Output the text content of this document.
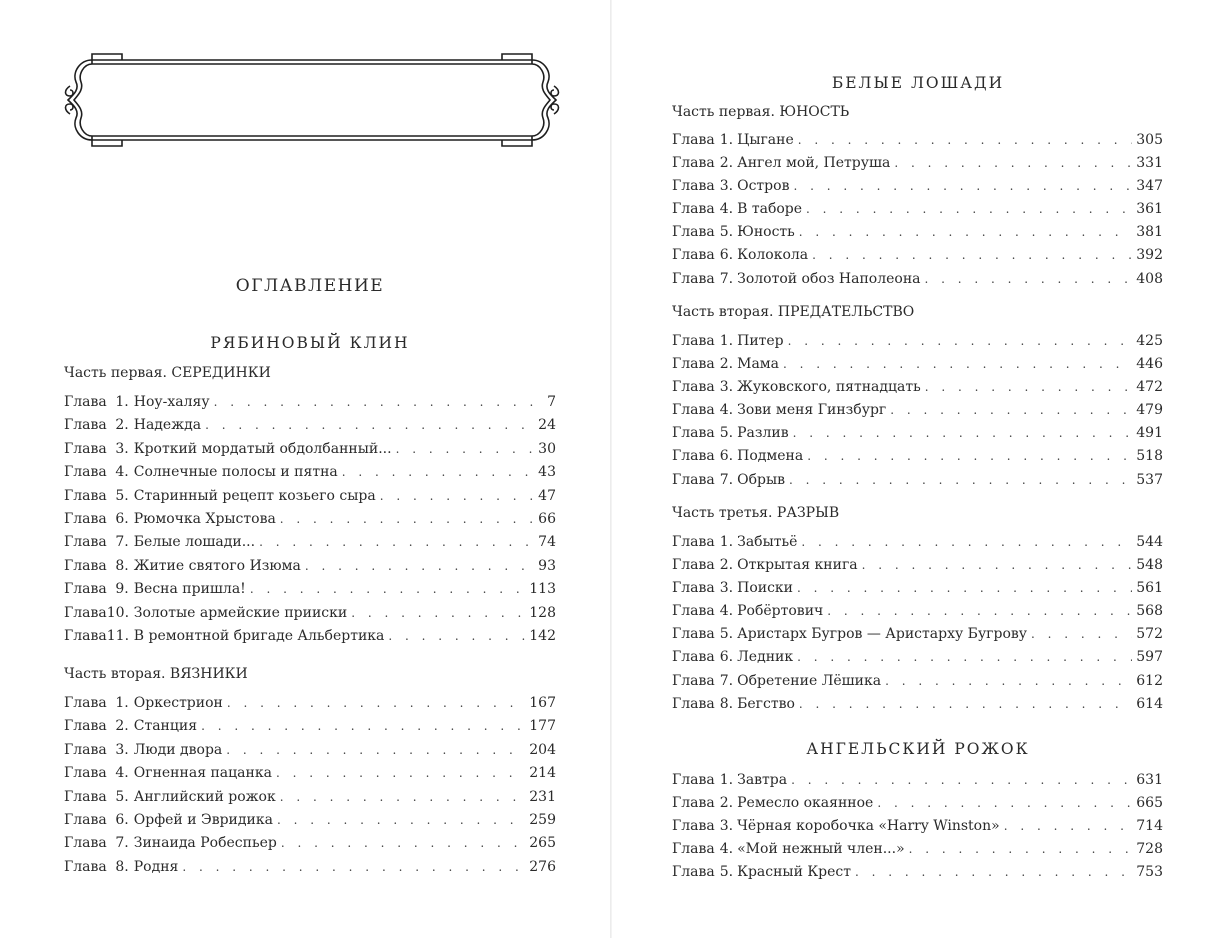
ОГЛАВЛЕНИЕ
РЯБИНОВЫЙ КЛИН
Часть первая. СЕРЕДИНКИ
Глава 1. Ноу-халяу . . .	7
Глава 2. Надежда . . .	24
Глава 3. Кроткий мордатый обдолбанный... . . .	30
Глава 4. Солнечные полосы и пятна . . .	43
Глава 5. Старинный рецепт козьего сыра . . .	47
Глава 6. Рюмочка Хрыстова . . .	66
Глава 7. Белые лошади... . . .	74
Глава 8. Житие святого Изюма . . .	93
Глава 9. Весна пришла! . . .	113
Глава 10. Золотые армейские прииски . . .	128
Глава 11. В ремонтной бригаде Альбертика . . .	142
Часть вторая. ВЯЗНИКИ
Глава 1. Оркестрион . . .	167
Глава 2. Станция . . .	177
Глава 3. Люди двора . . .	204
Глава 4. Огненная пацанка . . .	214
Глава 5. Английский рожок . . .	231
Глава 6. Орфей и Эвридика . . .	259
Глава 7. Зинаида Робеспьер . . .	265
Глава 8. Родня . . .	276
БЕЛЫЕ ЛОШАДИ
Часть первая. ЮНОСТЬ
Глава 1. Цыгане . . .	305
Глава 2. Ангел мой, Петруша . . .	331
Глава 3. Остров . . .	347
Глава 4. В таборе . . .	361
Глава 5. Юность . . .	381
Глава 6. Колокола . . .	392
Глава 7. Золотой обоз Наполеона . . .	408
Часть вторая. ПРЕДАТЕЛЬСТВО
Глава 1. Питер . . .	425
Глава 2. Мама . . .	446
Глава 3. Жуковского, пятнадцать . . .	472
Глава 4. Зови меня Гинзбург . . .	479
Глава 5. Разлив . . .	491
Глава 6. Подмена . . .	518
Глава 7. Обрыв . . .	537
Часть третья. РАЗРЫВ
Глава 1. Забытьё . . .	544
Глава 2. Открытая книга . . .	548
Глава 3. Поиски . . .	561
Глава 4. Робёртович . . .	568
Глава 5. Аристарх Бугров — Аристарху Бугрову . . .	572
Глава 6. Ледник . . .	597
Глава 7. Обретение Лёшика . . .	612
Глава 8. Бегство . . .	614
АНГЕЛЬСКИЙ РОЖОК
Глава 1. Завтра . . .	631
Глава 2. Ремесло окаянное . . .	665
Глава 3. Чёрная коробочка «Harry Winston» . . .	714
Глава 4. «Мой нежный член...» . . .	728
Глава 5. Красный Крест . . .	753
